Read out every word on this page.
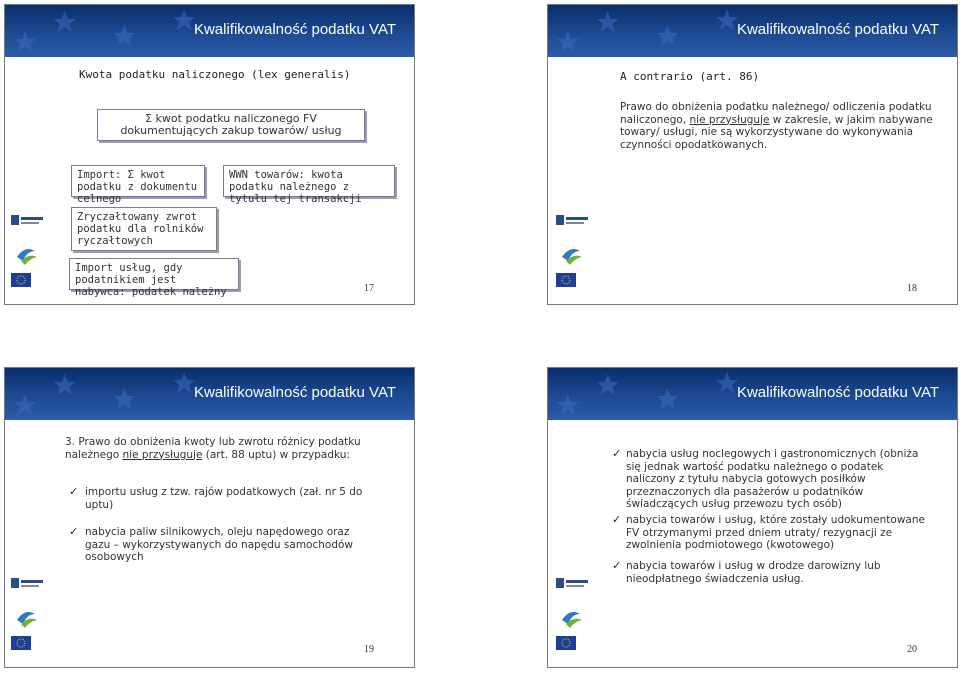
Kwalifikowalność podatku VAT
Kwota podatku naliczonego (lex generalis)
Σ kwot podatku naliczonego FV dokumentujących zakup towarów/ usług
Import: Σ kwot podatku z dokumentu celnego
WWN towarów: kwota podatku należnego z tytułu tej transakcji
Zryczałtowany zwrot podatku dla rolników ryczałtowych
Import usług, gdy podatnikiem jest nabywca: podatek należny	17
Kwalifikowalność podatku VAT
A contrario (art. 86)
Prawo do obniżenia podatku należnego/ odliczenia podatku naliczonego, nie przysługuje w zakresie, w jakim nabywane towary/ usługi, nie są wykorzystywane do wykonywania czynności opodatkowanych.
18
Kwalifikowalność podatku VAT
3. Prawo do obniżenia kwoty lub zwrotu różnicy podatku należnego nie przysługuje (art. 88 uptu) w przypadku:
✓ importu usług z tzw. rajów podatkowych (zał. nr 5 do uptu)
✓ nabycia paliw silnikowych, oleju napędowego oraz gazu – wykorzystywanych do napędu samochodów osobowych
19
Kwalifikowalność podatku VAT
✓ nabycia usług noclegowych i gastronomicznych (obniża się jednak wartość podatku należnego o podatek naliczony z tytułu nabycia gotowych posiłków przeznaczonych dla pasażerów u podatników świadczących usług przewozu tych osób)
✓ nabycia towarów i usług, które zostały udokumentowane FV otrzymanymi przed dniem utraty/ rezygnacji ze zwolnienia podmiotowego (kwotowego)
✓ nabycia towarów i usług w drodze darowizny lub nieodpłatnego świadczenia usług.
20
